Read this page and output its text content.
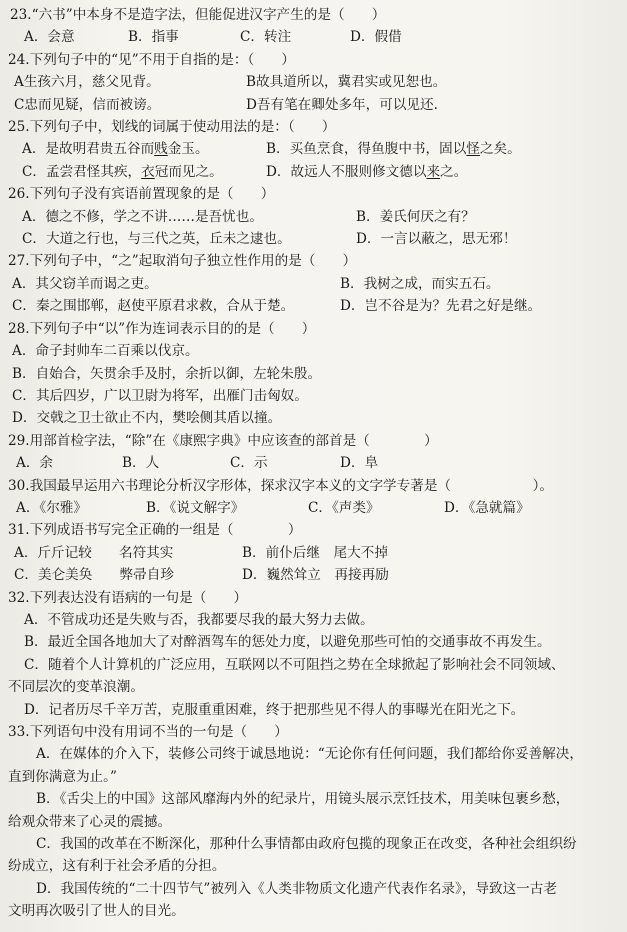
23.“六书”中本身不是造字法，但能促进汉字产生的是（　　）
A．会意	B．指事	C．转注	D．假借
24.下列句子中的“见”不用于自指的是：（　　）
A生孩六月，慈父见背。	B故具道所以，冀君实或见恕也。
C忠而见疑，信而被谤。	D吾有笔在卿处多年，可以见还.
25.下列句子中，划线的词属于使动用法的是：（　　）
A．是故明君贵五谷而贱金玉。	B．买鱼烹食，得鱼腹中书，固以怪之矣。
C．孟尝君怪其疾，衣冠而见之。	D．故远人不服则修文德以来之。
26.下列句子没有宾语前置现象的是（　　）
A．德之不修，学之不讲……是吾忧也。	B．姜氏何厌之有？
C．大道之行也，与三代之英，丘未之逮也。	D．一言以蔽之，思无邪！
27.下列句子中，“之”起取消句子独立性作用的是（　　）
A．其父窃羊而谒之吏。	B．我树之成，而实五石。
C．秦之围邯郸，赵使平原君求救，合从于楚。	D．岂不谷是为？先君之好是继。
28.下列句子中“以”作为连词表示目的的是（　　）
A．命子封帅车二百乘以伐京。
B．自始合，矢贯余手及肘，余折以御，左轮朱殷。
C．其后四岁，广以卫尉为将军，出雁门击匈奴。
D．交戟之卫士欲止不内，樊哙侧其盾以撞。
29.用部首检字法，“除”在《康熙字典》中应该查的部首是（　　　　）
A．余	B．人	C．示	D．阜
30.我国最早运用六书理论分析汉字形体，探求汉字本义的文字学专著是（　　　　　　）。
A．《尔雅》	B．《说文解字》	C．《声类》	D．《急就篇》
31.下列成语书写完全正确的一组是（　　　　）
A．斤斤记较　　名符其实	B．前仆后继　尾大不掉
C．美仑美奂　　弊帚自珍	D．巍然耸立　再接再励
32.下列表达没有语病的一句是（　　）
A．不管成功还是失败与否，我都要尽我的最大努力去做。
B．最近全国各地加大了对醉酒驾车的惩处力度，以避免那些可怕的交通事故不再发生。
C．随着个人计算机的广泛应用，互联网以不可阻挡之势在全球掀起了影响社会不同领域、
不同层次的变革浪潮。
D．记者历尽千辛万苦，克服重重困难，终于把那些见不得人的事曝光在阳光之下。
33.下列语句中没有用词不当的一句是（　　）
A．在媒体的介入下，装修公司终于诚恳地说：“无论你有任何问题，我们都给你妥善解决，
直到你满意为止。”
B．《舌尖上的中国》这部风靡海内外的纪录片，用镜头展示烹饪技术，用美味包裹乡愁，
给观众带来了心灵的震撼。
C．我国的改革在不断深化，那种什么事情都由政府包揽的现象正在改变，各种社会组织纷
纷成立，这有利于社会矛盾的分担。
D．我国传统的“二十四节气”被列入《人类非物质文化遗产代表作名录》，导致这一古老
文明再次吸引了世人的目光。
